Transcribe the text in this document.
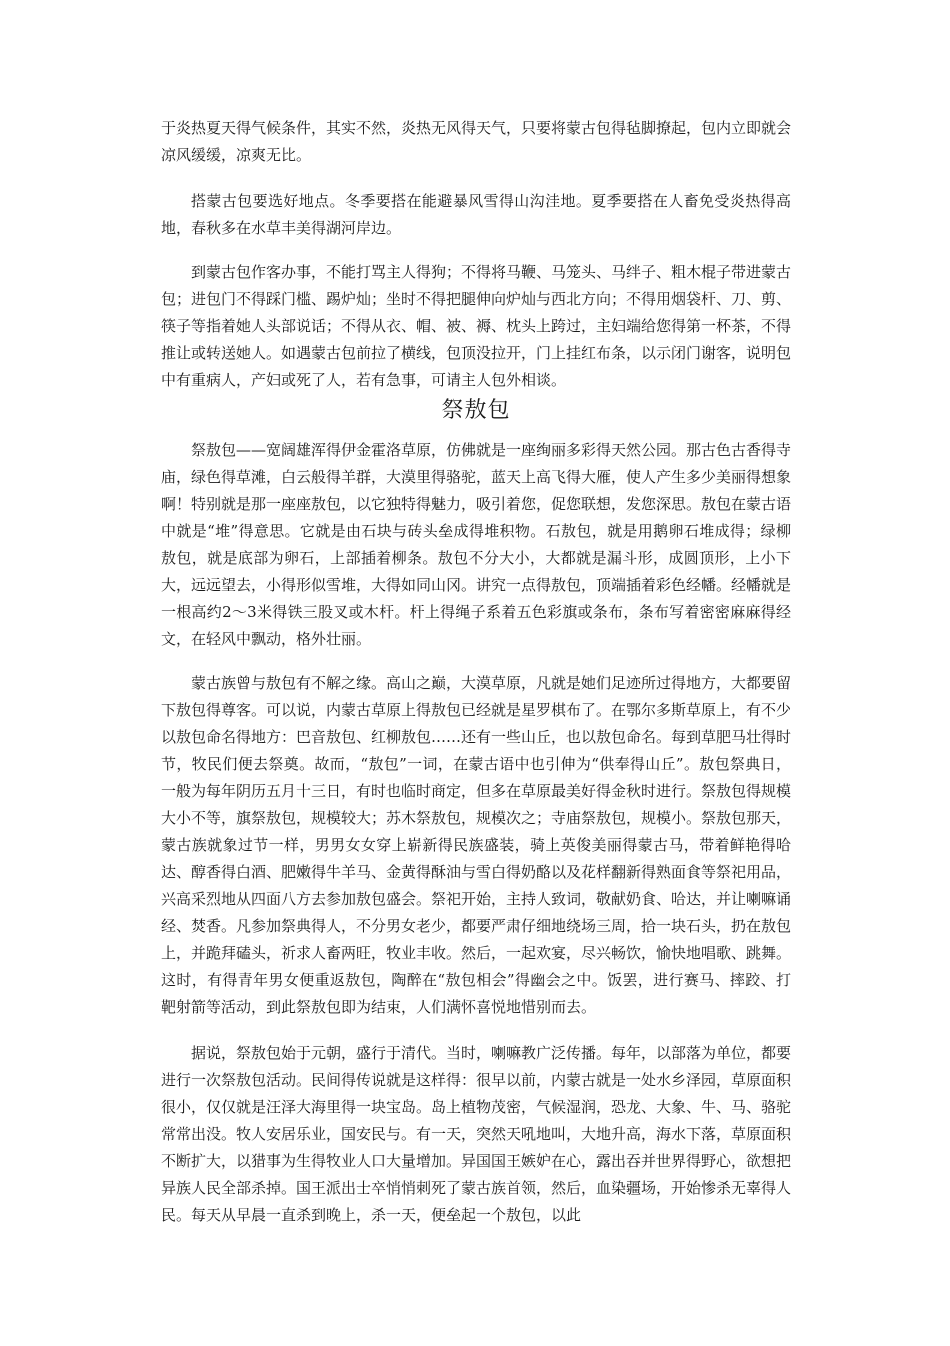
于炎热夏天得气候条件，其实不然，炎热无风得天气，只要将蒙古包得毡脚撩起，包内立即就会凉风缓缓，凉爽无比。

搭蒙古包要选好地点。冬季要搭在能避暴风雪得山沟洼地。夏季要搭在人畜免受炎热得高地，春秋多在水草丰美得湖河岸边。

到蒙古包作客办事，不能打骂主人得狗；不得将马鞭、马笼头、马绊子、粗木棍子带进蒙古包；进包门不得踩门槛、踢炉灿；坐时不得把腿伸向炉灿与西北方向；不得用烟袋杆、刀、剪、筷子等指着她人头部说话；不得从衣、帽、被、褥、枕头上跨过，主妇端给您得第一杯茶，不得推让或转送她人。如遇蒙古包前拉了横线，包顶没拉开，门上挂红布条，以示闭门谢客，说明包中有重病人，产妇或死了人，若有急事，可请主人包外相谈。

祭敖包

祭敖包——宽阔雄浑得伊金霍洛草原，仿佛就是一座绚丽多彩得天然公园。那古色古香得寺庙，绿色得草滩，白云般得羊群，大漠里得骆驼，蓝天上高飞得大雁，使人产生多少美丽得想象啊！特别就是那一座座敖包，以它独特得魅力，吸引着您，促您联想，发您深思。敖包在蒙古语中就是“堆”得意思。它就是由石块与砖头垒成得堆积物。石敖包，就是用鹅卵石堆成得；绿柳敖包，就是底部为卵石，上部插着柳条。敖包不分大小，大都就是漏斗形，成圆顶形，上小下大，远远望去，小得形似雪堆，大得如同山冈。讲究一点得敖包，顶端插着彩色经幡。经幡就是一根高约2～3米得铁三股叉或木杆。杆上得绳子系着五色彩旗或条布，条布写着密密麻麻得经文，在轻风中飘动，格外壮丽。

蒙古族曾与敖包有不解之缘。高山之巅，大漠草原，凡就是她们足迹所过得地方，大都要留下敖包得尊客。可以说，内蒙古草原上得敖包已经就是星罗棋布了。在鄂尔多斯草原上，有不少以敖包命名得地方：巴音敖包、红柳敖包……还有一些山丘，也以敖包命名。每到草肥马壮得时节，牧民们便去祭奠。故而，“敖包”一词，在蒙古语中也引伸为“供奉得山丘”。敖包祭典日，一般为每年阴历五月十三日，有时也临时商定，但多在草原最美好得金秋时进行。祭敖包得规模大小不等，旗祭敖包，规模较大；苏木祭敖包，规模次之；寺庙祭敖包，规模小。祭敖包那天，蒙古族就象过节一样，男男女女穿上崭新得民族盛装，骑上英俊美丽得蒙古马，带着鲜艳得哈达、醇香得白酒、肥嫩得牛羊马、金黄得酥油与雪白得奶酪以及花样翻新得熟面食等祭祀用品，兴高采烈地从四面八方去参加敖包盛会。祭祀开始，主持人致词，敬献奶食、哈达，并让喇嘛诵经、焚香。凡参加祭典得人，不分男女老少，都要严肃仔细地绕场三周，拾一块石头，扔在敖包上，并跪拜磕头，祈求人畜两旺，牧业丰收。然后，一起欢宴，尽兴畅饮，愉快地唱歌、跳舞。这时，有得青年男女便重返敖包，陶醉在“敖包相会”得幽会之中。饭罢，进行赛马、摔跤、打靶射箭等活动，到此祭敖包即为结束，人们满怀喜悦地惜别而去。

据说，祭敖包始于元朝，盛行于清代。当时，喇嘛教广泛传播。每年，以部落为单位，都要进行一次祭敖包活动。民间得传说就是这样得：很早以前，内蒙古就是一处水乡泽园，草原面积很小，仅仅就是汪泽大海里得一块宝岛。岛上植物茂密，气候湿润，恐龙、大象、牛、马、骆驼常常出没。牧人安居乐业，国安民与。有一天，突然天吼地叫，大地升高，海水下落，草原面积不断扩大，以猎事为生得牧业人口大量增加。异国国王嫉妒在心，露出吞并世界得野心，欲想把异族人民全部杀掉。国王派出士卒悄悄刺死了蒙古族首领，然后，血染疆场，开始惨杀无辜得人民。每天从早晨一直杀到晚上，杀一天，便垒起一个敖包，以此
